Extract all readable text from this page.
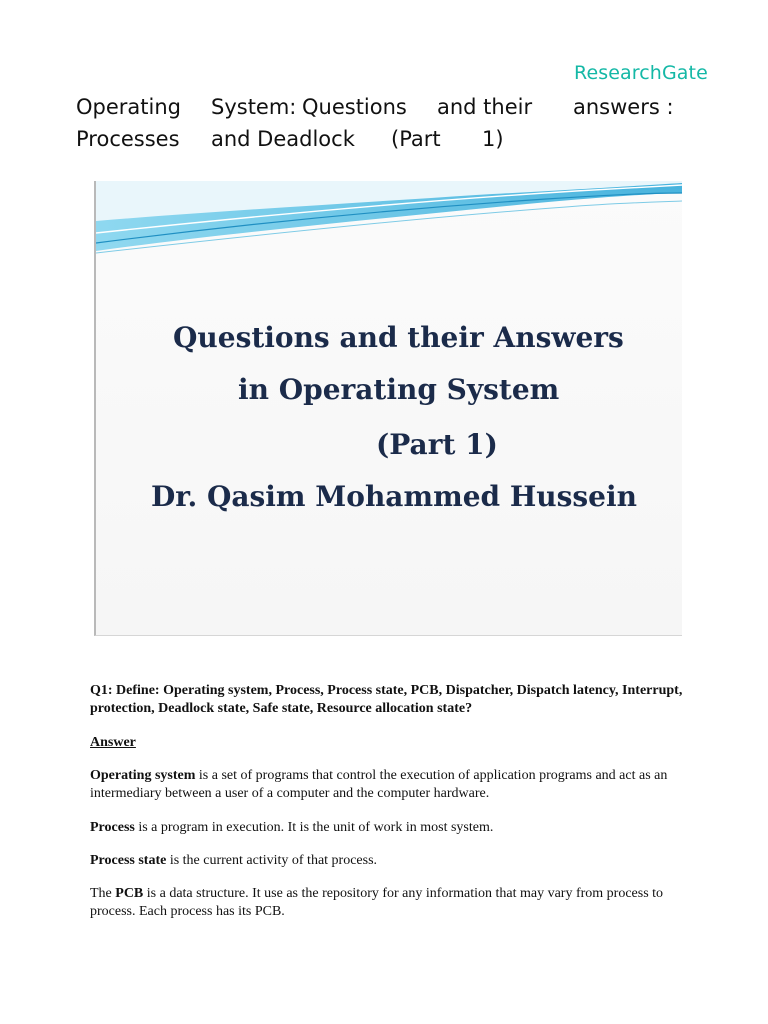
ResearchGate
Operating System: Questions and their answers :
Processes and Deadlock (Part 1)
Questions and their Answers
in Operating System
(Part 1)
Dr. Qasim Mohammed Hussein
Q1: Define: Operating system, Process, Process state, PCB, Dispatcher, Dispatch latency, Interrupt, protection, Deadlock state, Safe state, Resource allocation state?
Answer
Operating system is a set of programs that control the execution of application programs and act as an intermediary between a user of a computer and the computer hardware.
Process is a program in execution. It is the unit of work in most system.
Process state is the current activity of that process.
The PCB is a data structure. It use as the repository for any information that may vary from process to process. Each process has its PCB.
